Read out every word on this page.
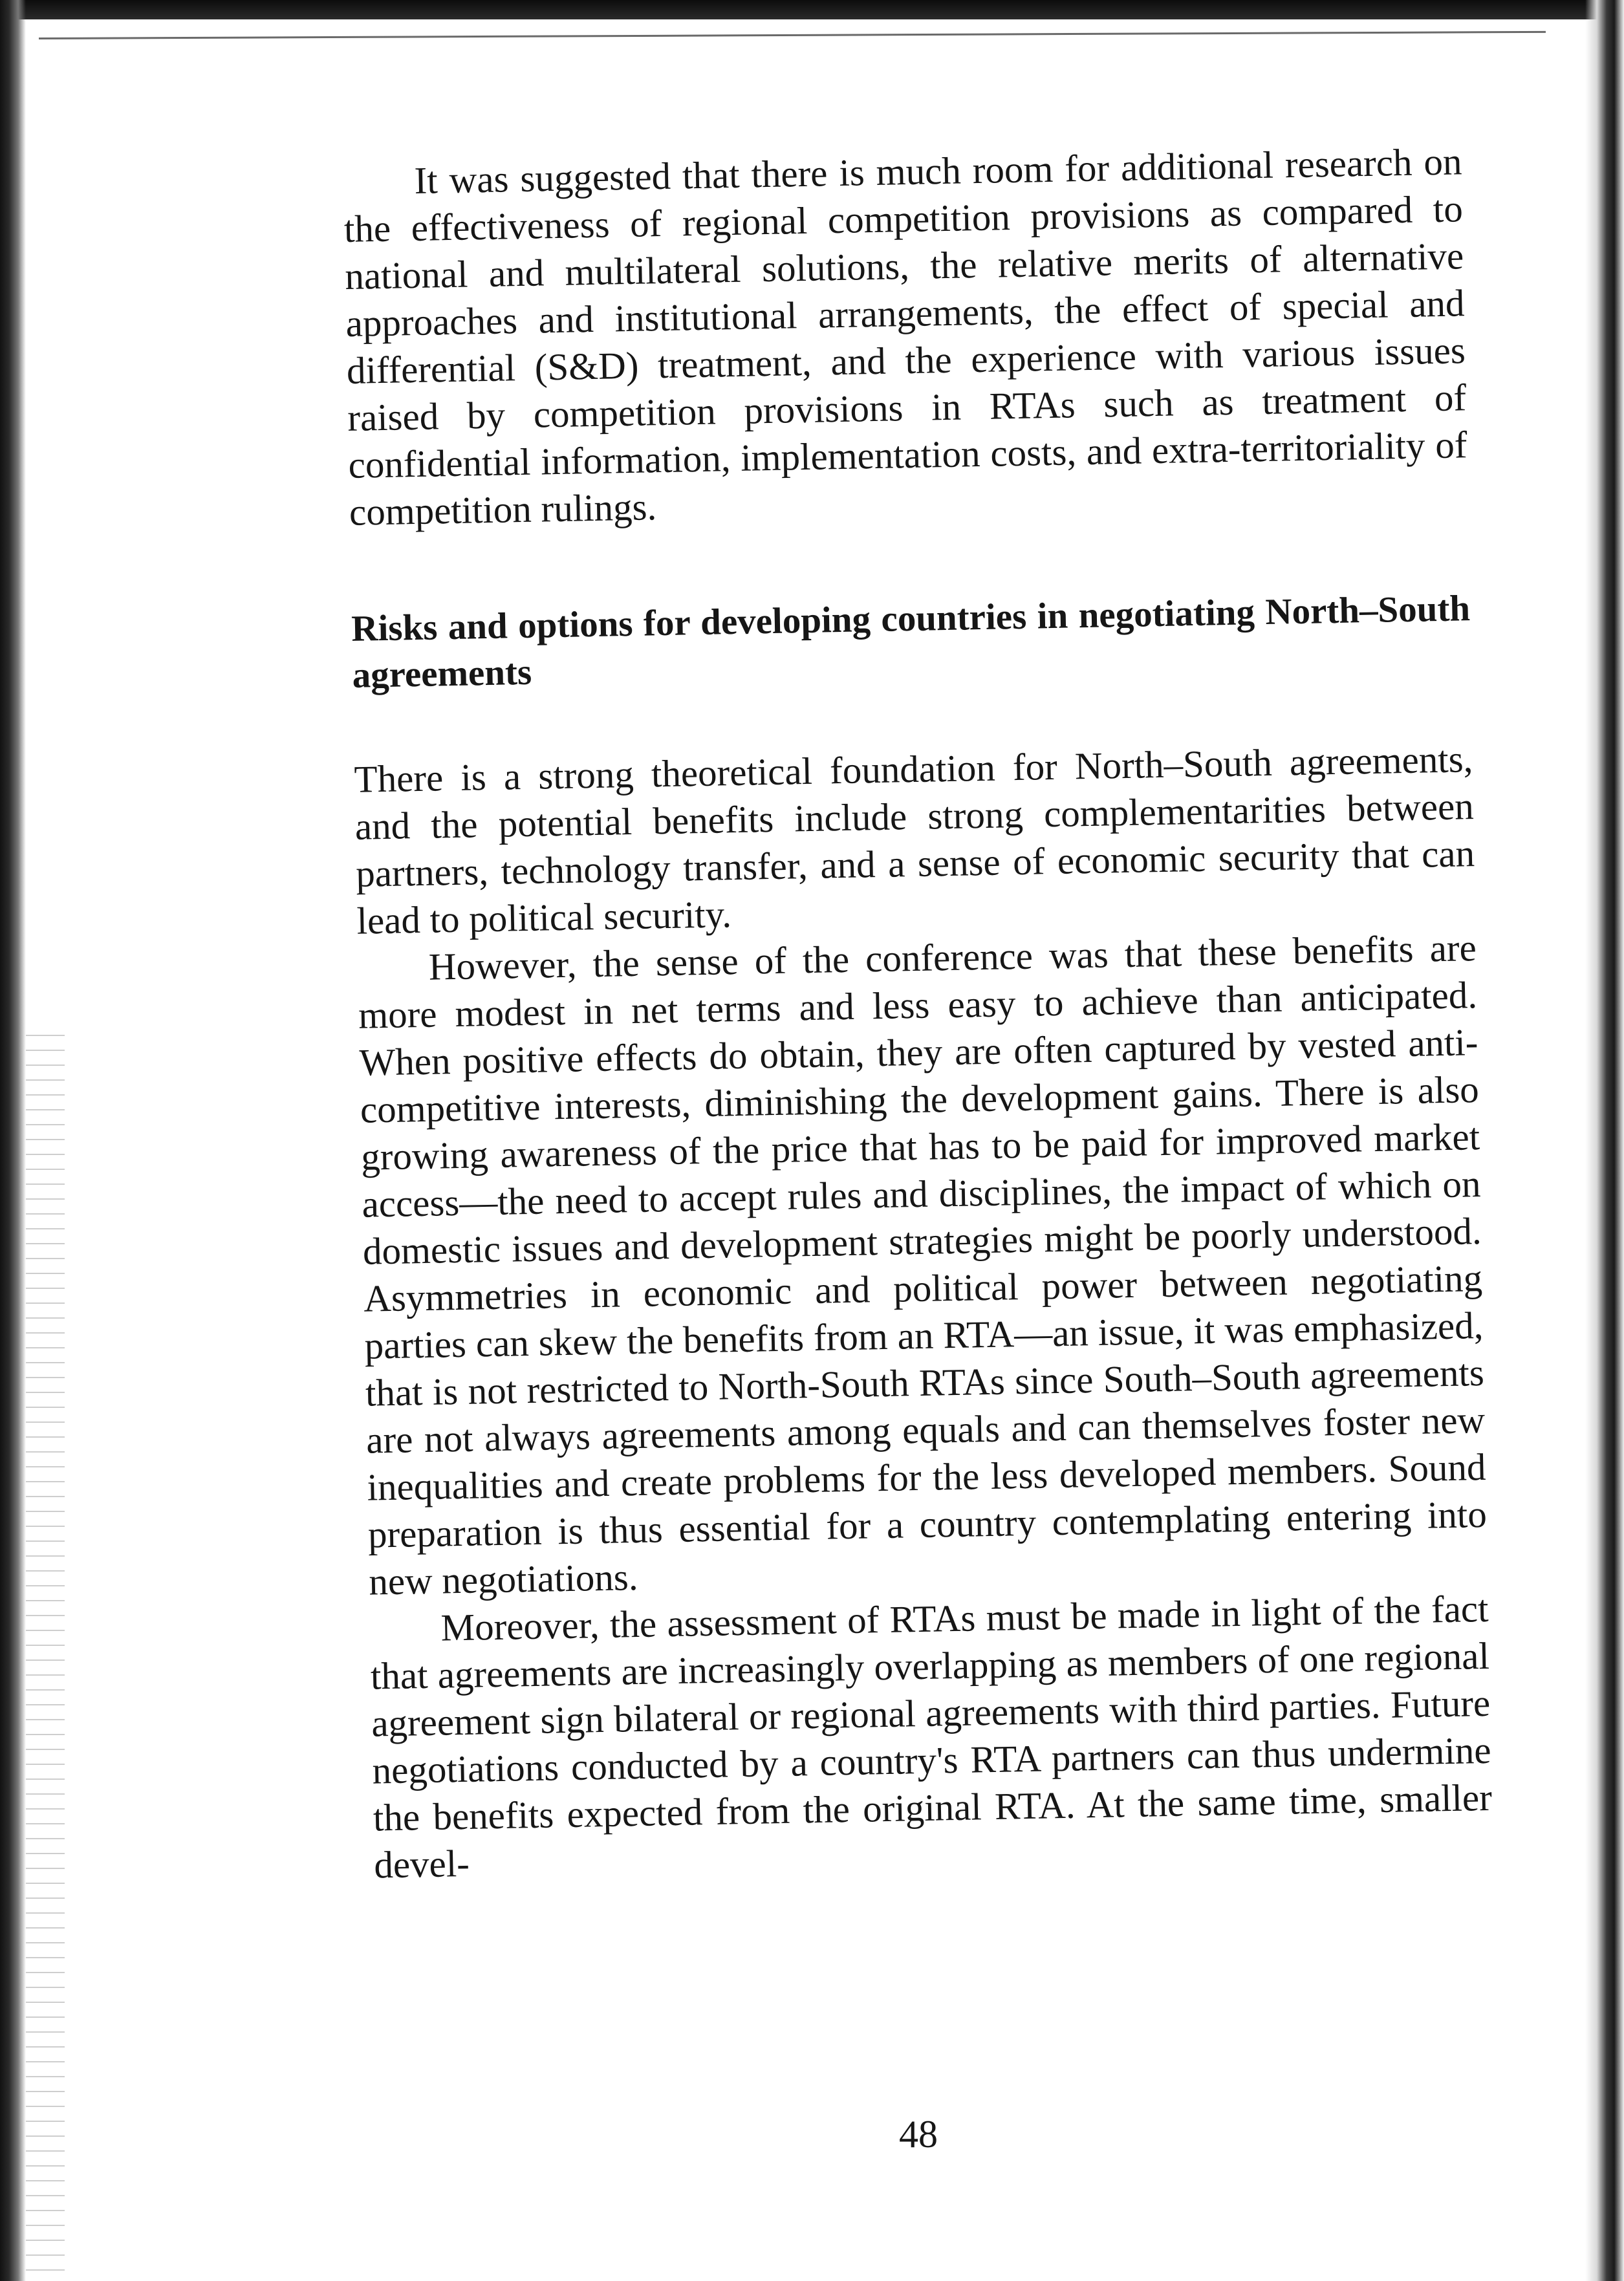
It was suggested that there is much room for additional research on the effectiveness of regional competition provisions as compared to national and multilateral solutions, the relative merits of alternative approaches and institutional arrangements, the effect of special and differential (S&D) treatment, and the experience with various issues raised by competition provisions in RTAs such as treatment of confidential information, implementation costs, and extra-territoriality of competition rulings.

Risks and options for developing countries in negotiating North–South agreements

There is a strong theoretical foundation for North–South agreements, and the potential benefits include strong complementarities between partners, technology transfer, and a sense of economic security that can lead to political security.

However, the sense of the conference was that these benefits are more modest in net terms and less easy to achieve than anticipated. When positive effects do obtain, they are often captured by vested anti-competitive interests, diminishing the development gains. There is also growing awareness of the price that has to be paid for improved market access—the need to accept rules and disciplines, the impact of which on domestic issues and development strategies might be poorly understood. Asymmetries in economic and political power between negotiating parties can skew the benefits from an RTA—an issue, it was emphasized, that is not restricted to North-South RTAs since South–South agreements are not always agreements among equals and can themselves foster new inequalities and create problems for the less developed members. Sound preparation is thus essential for a country contemplating entering into new negotiations.

Moreover, the assessment of RTAs must be made in light of the fact that agreements are increasingly overlapping as members of one regional agreement sign bilateral or regional agreements with third parties. Future negotiations conducted by a country's RTA partners can thus undermine the benefits expected from the original RTA. At the same time, smaller devel-

48
